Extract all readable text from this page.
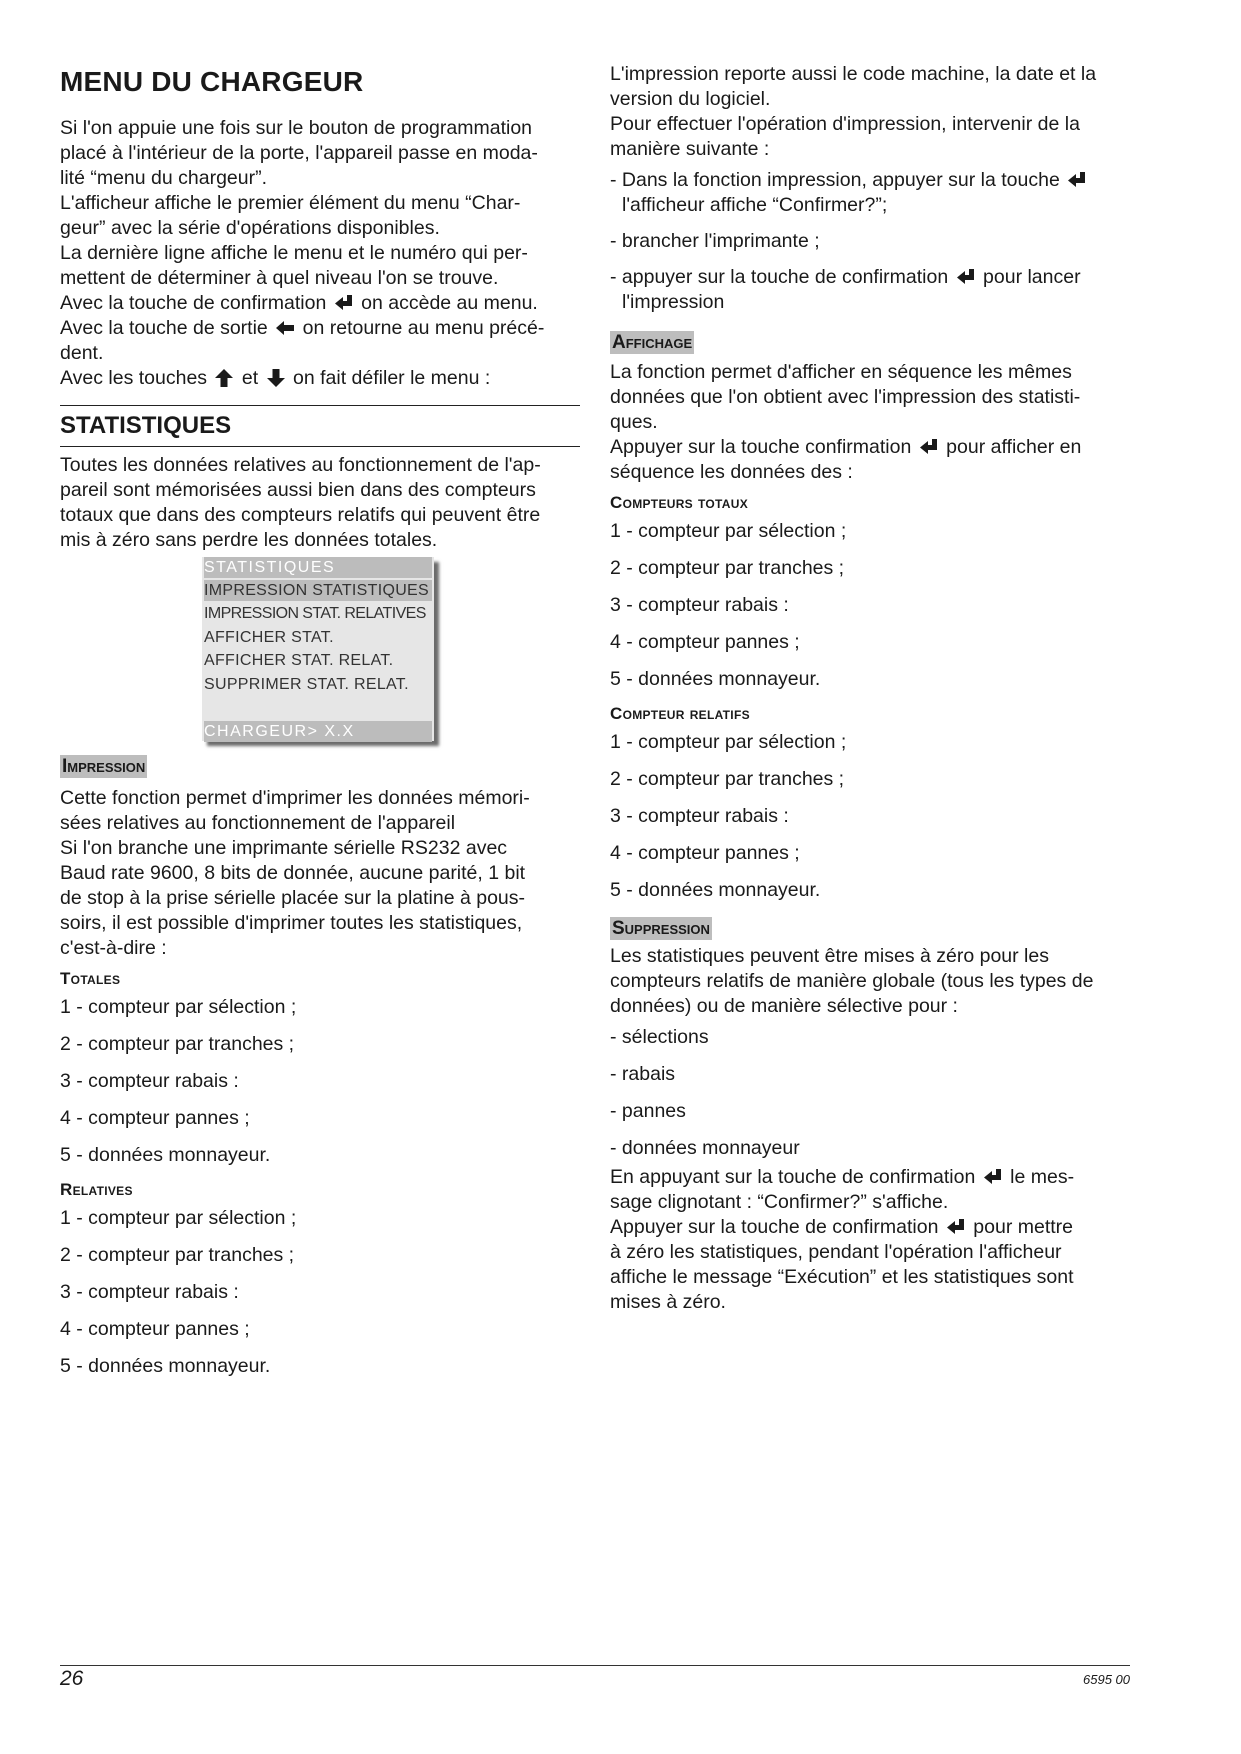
MENU DU CHARGEUR

Si l'on appuie une fois sur le bouton de programmation

placé à l'intérieur de la porte, l'appareil passe en moda-

lité “menu du chargeur”.

L'afficheur affiche le premier élément du menu “Char-

geur” avec la série d'opérations disponibles.

La dernière ligne affiche le menu et le numéro qui per-

mettent de déterminer à quel niveau l'on se trouve.

Avec la touche de confirmation on accède au menu.

Avec la touche de sortie on retourne au menu précé-

dent.

Avec les touches et on fait défiler le menu :

STATISTIQUES

Toutes les données relatives au fonctionnement de l'ap-

pareil sont mémorisées aussi bien dans des compteurs

totaux que dans des compteurs relatifs qui peuvent être

mis à zéro sans perdre les données totales.

STATISTIQUES
IMPRESSION STATISTIQUES
IMPRESSION STAT. RELATIVES
AFFICHER STAT.
AFFICHER STAT. RELAT.
SUPPRIMER STAT. RELAT.
CHARGEUR> X.X
Impression

Cette fonction permet d'imprimer les données mémori-

sées relatives au fonctionnement de l'appareil

Si l'on branche une imprimante sérielle RS232 avec

Baud rate 9600, 8 bits de donnée, aucune parité, 1 bit

de stop à la prise sérielle placée sur la platine à pous-

soirs, il est possible d'imprimer toutes les statistiques,

c'est-à-dire :

Totales
1 - compteur par sélection ;
2 - compteur par tranches ;
3 - compteur rabais :
4 - compteur pannes ;
5 - données monnayeur.
Relatives
1 - compteur par sélection ;
2 - compteur par tranches ;
3 - compteur rabais :
4 - compteur pannes ;
5 - données monnayeur.

L'impression reporte aussi le code machine, la date et la

version du logiciel.

Pour effectuer l'opération d'impression, intervenir de la

manière suivante :

- Dans la fonction impression, appuyer sur la touche
l'afficheur affiche “Confirmer?”;
- brancher l'imprimante ;
- appuyer sur la touche de confirmation pour lancer
l'impression
Affichage

La fonction permet d'afficher en séquence les mêmes

données que l'on obtient avec l'impression des statisti-

ques.

Appuyer sur la touche confirmation pour afficher en

séquence les données des :

Compteurs totaux
1 - compteur par sélection ;
2 - compteur par tranches ;
3 - compteur rabais :
4 - compteur pannes ;
5 - données monnayeur.
Compteur relatifs
1 - compteur par sélection ;
2 - compteur par tranches ;
3 - compteur rabais :
4 - compteur pannes ;
5 - données monnayeur.
Suppression

Les statistiques peuvent être mises à zéro pour les

compteurs relatifs de manière globale (tous les types de

données) ou de manière sélective pour :

- sélections
- rabais
- pannes
- données monnayeur

En appuyant sur la touche de confirmation le mes-

sage clignotant : “Confirmer?” s'affiche.

Appuyer sur la touche de confirmation pour mettre

à zéro les statistiques, pendant l'opération l'afficheur

affiche le message “Exécution” et les statistiques sont

mises à zéro.

26	6595 00
